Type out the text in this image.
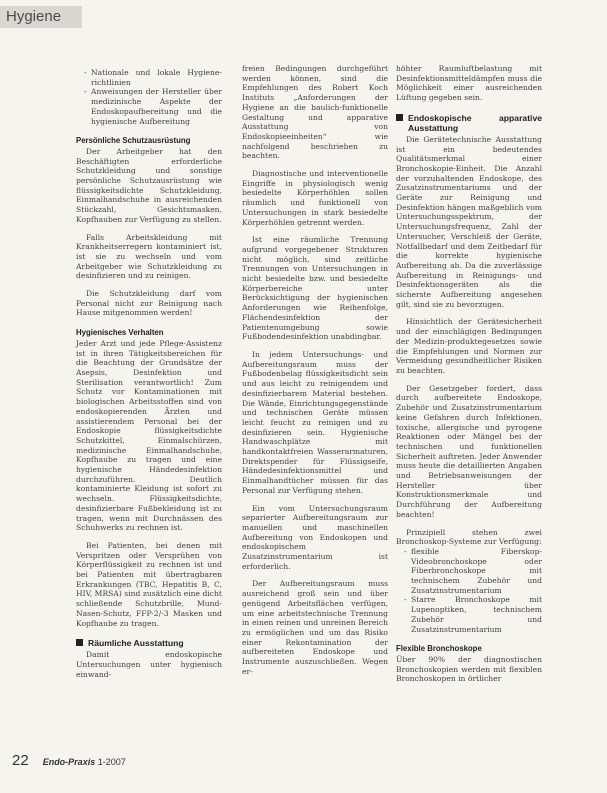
Hygiene
- Nationale und lokale Hygiene-richtlinien
- Anweisungen der Hersteller über medizinische Aspekte der Endoskopaufbereitung und die hygienische Aufbereitung
Persönliche Schutzausrüstung

Der Arbeitgeber hat den Beschäftigten erforderliche Schutzkleidung und sonstige persönliche Schutzausrüstung wie flüssigkeitsdichte Schutzkleidung, Einmalhandschuhe in ausreichenden Stückzahl, Gesichtsmasken, Kopfhauben zur Verfügung zu stellen.

Falls Arbeitskleidung mit Krankheitserregern kontaminiert ist, ist sie zu wechseln und vom Arbeitgeber wie Schutzkleidung zu desinfizieren und zu reinigen.

Die Schutzkleidung darf vom Personal nicht zur Reinigung nach Hause mitgenommen werden!

Hygienisches Verhalten

Jeder Arzt und jede Pflege-Assistenz ist in ihren Tätigkeitsbereichen für die Beachtung der Grundsätze der Asepsis, Desinfektion und Sterilisation verantwortlich! Zum Schutz vor Kontaminationen mit biologischen Arbeitsstoffen sind von endoskopierenden Ärzten und assistierendem Personal bei der Endoskopie flüssigkeitsdichte Schutzkittel, Einmalschürzen, medizinische Einmalhandschuhe, Kopfhaube zu tragen und eine hygienische Händedesinfektion durchzuführen. Deutlich kontaminierte Kleidung ist sofort zu wechseln. Flüssigkeitsdichte, desinfizierbare Fußbekleidung ist zu tragen, wenn mit Durchnässen des Schuhwerks zu rechnen ist.

Bei Patienten, bei denen mit Verspritzen oder Versprühen von Körperflüssigkeit zu rechnen ist und bei Patienten mit übertragbaren Erkrankungen (TBC, Hepatitis B, C, HIV, MRSA) sind zusätzlich eine dicht schließende Schutzbrille, Mund-Nasen-Schutz, FFP-2/-3 Masken und Kopfhaube zu tragen.

Räumliche Ausstattung

Damit endoskopische Untersuchungen unter hygienisch einwand-

freien Bedingungen durchgeführt werden können, sind die Empfehlungen des Robert Koch Instituts „Anforderungen der Hygiene an die baulich-funktionelle Gestaltung und apparative Ausstattung von Endoskopieeinheiten“ wie nachfolgend beschrieben zu beachten.

Diagnostische und interventionelle Eingriffe in physiologisch wenig besiedelte Körperhöhlen sollen räumlich und funktionell von Untersuchungen in stark besiedelte Körperhöhlen getrennt werden.

Ist eine räumliche Trennung aufgrund vorgegebener Strukturen nicht möglich, sind zeitliche Trennungen von Untersuchungen in nicht besiedelte bzw. und besiedelte Körperbereiche unter Berücksichtigung der hygienischen Anforderungen wie Reihenfolge, Flächendesinfektion der Patientenumgebung sowie Fußbodendesinfektion unabdingbar.

In jedem Untersuchungs- und Aufbereitungsraum muss der Fußbodenbelag flüssigkeitsdicht sein und aus leicht zu reinigendem und desinfizierbarem Material bestehen. Die Wände, Einrichtungsgegenstände und technischen Geräte müssen leicht feucht zu reinigen und zu desinfizieren sein. Hygienische Handwaschplätze mit handkontaktfreien Wasserarmaturen, Direktspender für Flüssigseife, Händedesinfektionsmittel und Einmalhandtücher müssen für das Personal zur Verfügung stehen.

Ein vom Untersuchungsraum separierter Aufbereitungsraum zur manuellen und maschinellen Aufbereitung von Endoskopen und endoskopischem Zusatzinstrumentarium ist erforderlich.

Der Aufbereitungsraum muss ausreichend groß sein und über genügend Arbeitsflächen verfügen, um eine arbeitstechnische Trennung in einen reinen und unreinen Bereich zu ermöglichen und um das Risiko einer Rekontamination der aufbereiteten Endoskope und Instrumente auszuschließen. Wegen er-

höhter Raumluftbelastung mit Desinfektionsmitteldämpfen muss die Möglichkeit einer ausreichenden Lüftung gegeben sein.

Endoskopische apparative Ausstattung

Die Gerätetechnische Ausstattung ist ein bedeutendes Qualitätsmerkmal einer Bronchoskopie-Einheit. Die Anzahl der vorzuhaltenden Endoskope, des Zusatzinstrumentariums und der Geräte zur Reinigung und Desinfektion hängen maßgeblich vom Untersuchungsspektrum, der Untersuchungsfrequenz, Zahl der Untersucher, Verschleiß der Geräte, Notfallbedarf und dem Zeitbedarf für die korrekte hygienische Aufbereitung ab. Da die zuverlässige Aufbereitung in Reinigungs- und Desinfektionsgeräten als die sicherste Aufbereitung angesehen gilt, sind sie zu bevorzugen.

Hinsichtlich der Gerätesicherheit und der einschlägigen Bedingungen der Medizin-produktegesetzes sowie die Empfehlungen und Normen zur Vermeidung gesundheitlicher Risiken zu beachten.

Der Gesetzgeber fordert, dass durch aufbereitete Endoskope, Zubehör und Zusatzinstrumentarium keine Gefahren durch Infektionen, toxische, allergische und pyrogene Reaktionen oder Mängel bei der technischen und funktionellen Sicherheit auftreten. Jeder Anwender muss heute die detaillierten Angaben und Betriebsanweisungen der Hersteller über Konstruktionsmerkmale und Durchführung der Aufbereitung beachten!

Prinzipiell stehen zwei Bronchoskop-Systeme zur Verfügung:

- flexible Fiberskop-Videobronchoskope oder Fiberbronchoskope mit technischem Zubehör und Zusatzinstrumentarium
- Starre Bronchoskope mit Lupenoptiken, technischem Zubehör und Zusatzinstrumentarium
Flexible Bronchoskope

Über 90% der diagnostischen Bronchoskopien werden mit flexiblen Bronchoskopen in örtlicher

22 Endo-Praxis 1-2007
